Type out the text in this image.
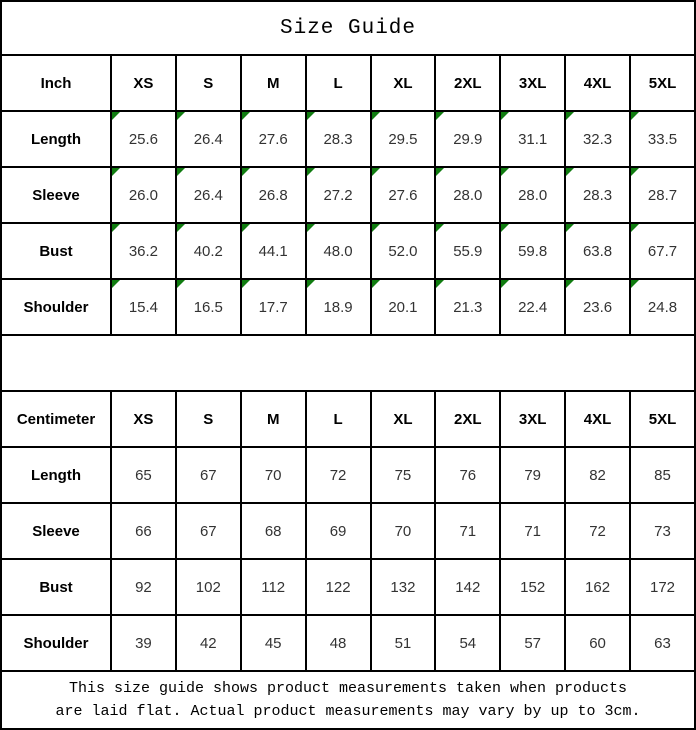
Size Guide									
Inch	XS	S	M	L	XL	2XL	3XL	4XL	5XL
Length	25.6	26.4	27.6	28.3	29.5	29.9	31.1	32.3	33.5
Sleeve	26.0	26.4	26.8	27.2	27.6	28.0	28.0	28.3	28.7
Bust	36.2	40.2	44.1	48.0	52.0	55.9	59.8	63.8	67.7
Shoulder	15.4	16.5	17.7	18.9	20.1	21.3	22.4	23.6	24.8

Centimeter	XS	S	M	L	XL	2XL	3XL	4XL	5XL
Length	65	67	70	72	75	76	79	82	85
Sleeve	66	67	68	69	70	71	71	72	73
Bust	92	102	112	122	132	142	152	162	172
Shoulder	39	42	45	48	51	54	57	60	63

This size guide shows product measurements taken when products
are laid flat. Actual product measurements may vary by up to 3cm.									
